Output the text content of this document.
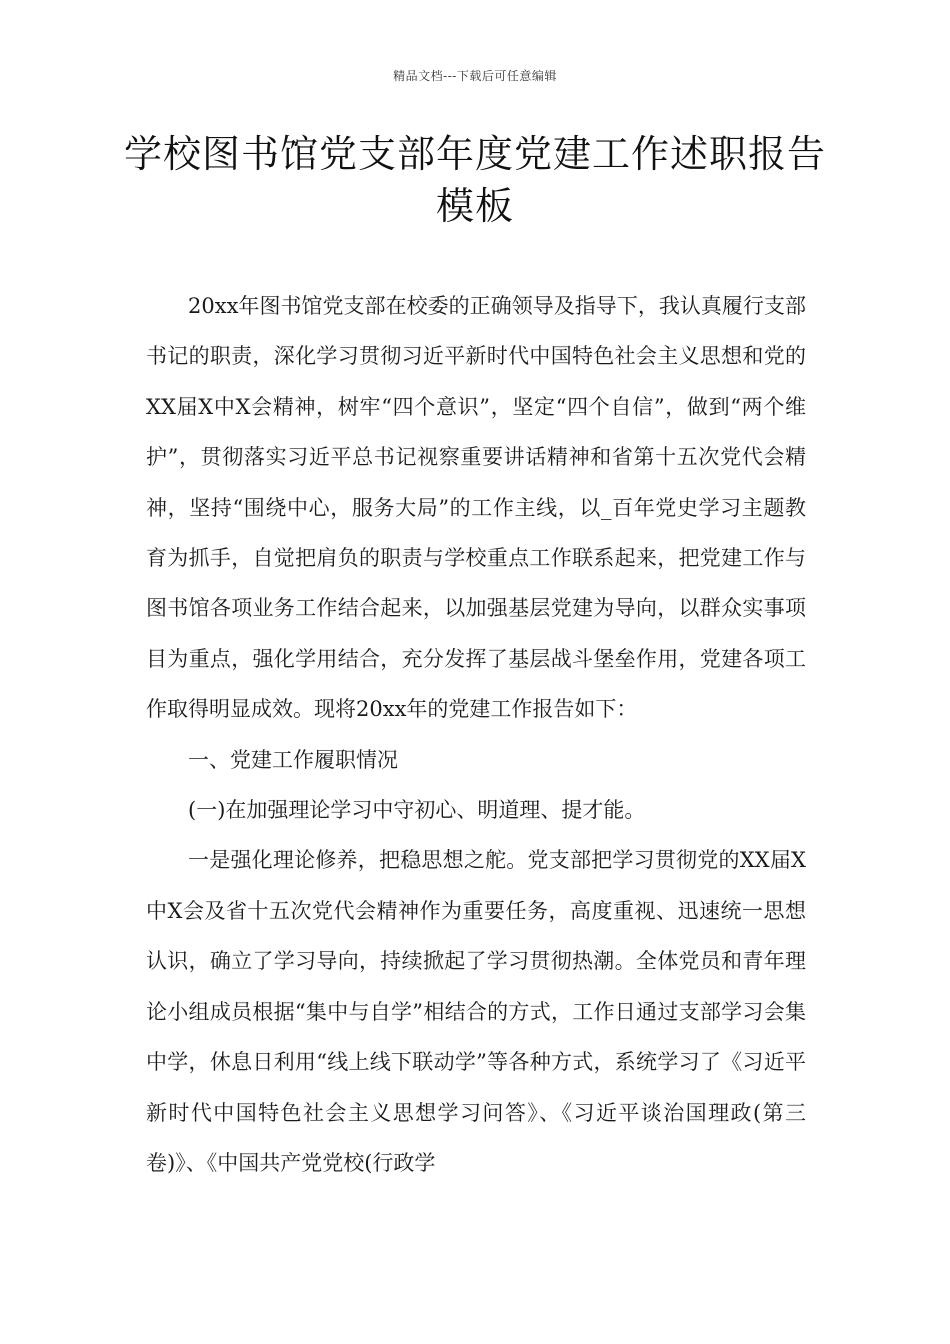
精品文档---下载后可任意编辑
学校图书馆党支部年度党建工作述职报告模板

20xx年图书馆党支部在校委的正确领导及指导下，我认真履行支部书记的职责，深化学习贯彻习近平新时代中国特色社会主义思想和党的XX届X中X会精神，树牢“四个意识”，坚定“四个自信”，做到“两个维护”，贯彻落实习近平总书记视察重要讲话精神和省第十五次党代会精神，坚持“围绕中心，服务大局”的工作主线，以_百年党史学习主题教育为抓手，自觉把肩负的职责与学校重点工作联系起来，把党建工作与图书馆各项业务工作结合起来，以加强基层党建为导向，以群众实事项目为重点，强化学用结合，充分发挥了基层战斗堡垒作用，党建各项工作取得明显成效。现将20xx年的党建工作报告如下：

一、党建工作履职情况

(一)在加强理论学习中守初心、明道理、提才能。

一是强化理论修养，把稳思想之舵。党支部把学习贯彻党的XX届X中X会及省十五次党代会精神作为重要任务，高度重视、迅速统一思想认识，确立了学习导向，持续掀起了学习贯彻热潮。全体党员和青年理论小组成员根据“集中与自学”相结合的方式，工作日通过支部学习会集中学，休息日利用“线上线下联动学”等各种方式，系统学习了《习近平新时代中国特色社会主义思想学习问答》、《习近平谈治国理政(第三卷)》、《中国共产党党校(行政学
